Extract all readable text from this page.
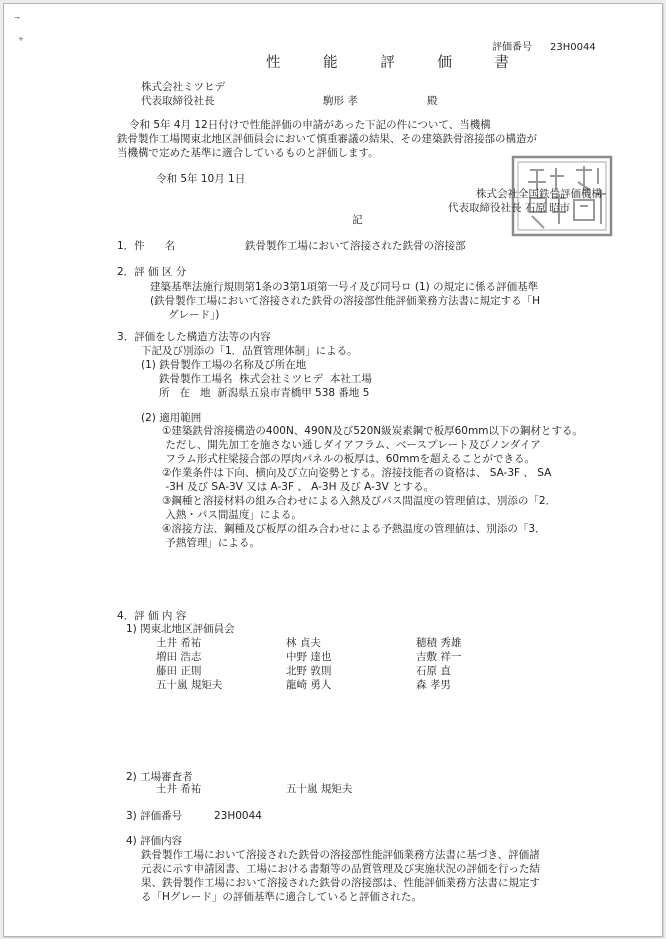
¬
+
評価番号 23H0044
性 能 評 価 書
株式会社ミツヒデ
代表取締役社長	駒形 孝	殿
令和 5年 4月 12日付けで性能評価の申請があった下記の件について、当機構
鉄骨製作工場関東北地区評価員会において慎重審議の結果、その建築鉄骨溶接部の構造が
当機構で定めた基準に適合しているものと評価します。
令和 5年 10月 1日
株式会社全国鉄骨評価機構
代表取締役社長 石原 昭市
記
1．件      名	鉄骨製作工場において溶接された鉄骨の溶接部
2．評 価 区 分
建築基準法施行規則第1条の3第1項第一号イ及び同号ロ (1) の規定に係る評価基準
(鉄骨製作工場において溶接された鉄骨の溶接部性能評価業務方法書に規定する「H
グレード」)
3．評価をした構造方法等の内容
下記及び別添の「1．品質管理体制」による。
(1) 鉄骨製作工場の名称及び所在地
鉄骨製作工場名  株式会社ミツヒデ  本社工場
所   在   地  新潟県五泉市青橋甲 538 番地 5
(2) 適用範囲
①建築鉄骨溶接構造の400N、490N及び520N級炭素鋼で板厚60mm以下の鋼材とする。
ただし、開先加工を施さない通しダイアフラム、ベースプレート及びノンダイア
フラム形式柱梁接合部の厚肉パネルの板厚は、60mmを超えることができる。
②作業条件は下向、横向及び立向姿勢とする。溶接技能者の資格は、 SA-3F 、 SA
-3H 及び SA-3V 又は A-3F 、 A-3H 及び A-3V とする。
③鋼種と溶接材料の組み合わせによる入熱及びパス間温度の管理値は、別添の「2．
入熱・パス間温度」による。
④溶接方法、鋼種及び板厚の組み合わせによる予熱温度の管理値は、別添の「3．
予熱管理」による。
4．評 価 内 容
1) 関東北地区評価員会
土井 希祐	林 貞夫	穂積 秀雄
増田 浩志	中野 達也	吉敷 祥一
藤田 正則	北野 敦則	石原 直
五十嵐 規矩夫	龍崎 勇人	森 孝男
2) 工場審査者
土井 希祐	五十嵐 規矩夫
3) 評価番号	23H0044
4) 評価内容
鉄骨製作工場において溶接された鉄骨の溶接部性能評価業務方法書に基づき、評価諸
元表に示す申請図書、工場における書類等の品質管理及び実施状況の評価を行った結
果、鉄骨製作工場において溶接された鉄骨の溶接部は、性能評価業務方法書に規定す
る「Hグレード」の評価基準に適合していると評価された。
